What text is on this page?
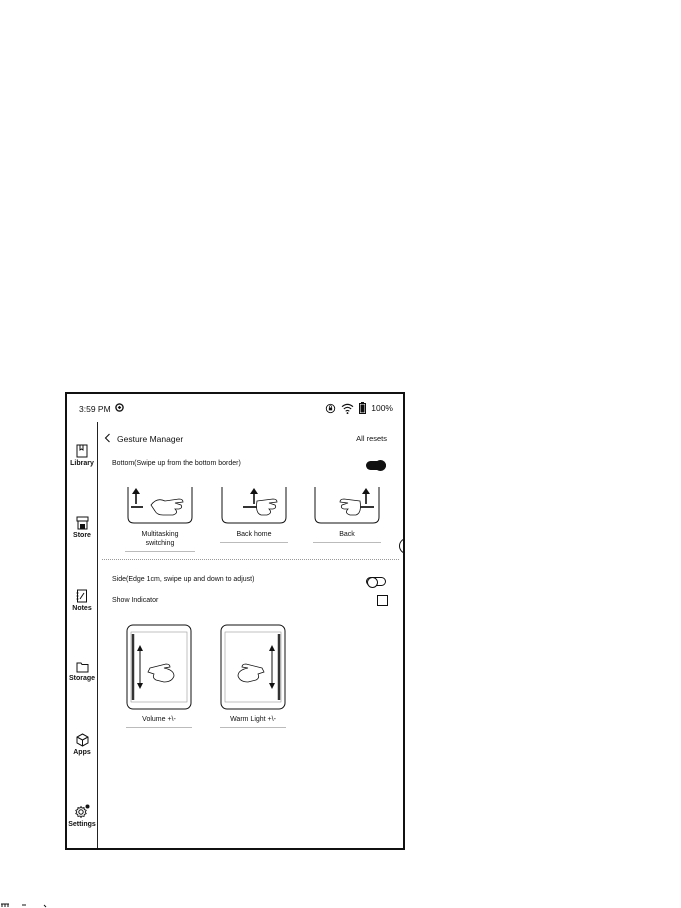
3:59 PM	100%
Library
Store
Notes
Storage
Apps
Settings
Gesture Manager	All resets
Bottom(Swipe up from the bottom border)
Multitasking
switching
Back home	Back
Side(Edge 1cm, swipe up and down to adjust)
Show Indicator
Volume +\-	Warm Light +\-
